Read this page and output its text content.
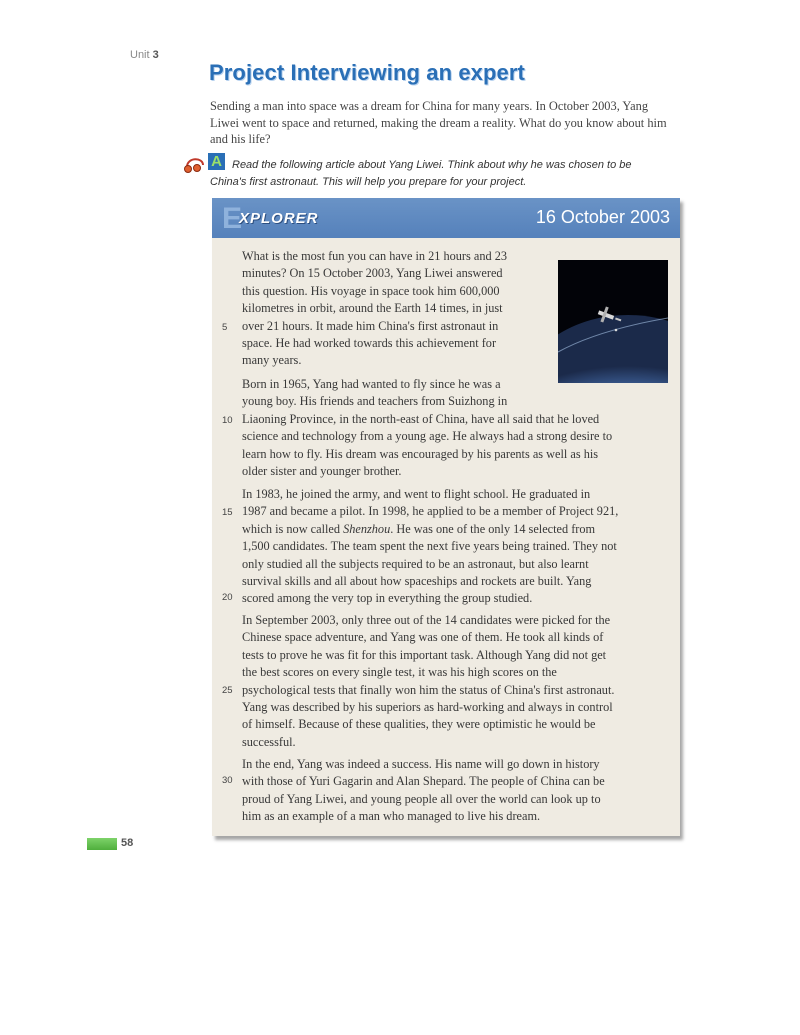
Unit 3
Project Interviewing an expert
Sending a man into space was a dream for China for many years. In October 2003, Yang Liwei went to space and returned, making the dream a reality. What do you know about him and his life?
A Read the following article about Yang Liwei. Think about why he was chosen to be China's first astronaut. This will help you prepare for your project.
E
XPLORER	16 October 2003
What is the most fun you can have in 21 hours and 23
minutes? On 15 October 2003, Yang Liwei answered
this question. His voyage in space took him 600,000
kilometres in orbit, around the Earth 14 times, in just
over 21 hours. It made him China's first astronaut in
space. He had worked towards this achievement for
many years.
Born in 1965, Yang had wanted to fly since he was a
young boy. His friends and teachers from Suizhong in
Liaoning Province, in the north-east of China, have all said that he loved
science and technology from a young age. He always had a strong desire to
learn how to fly. His dream was encouraged by his parents as well as his
older sister and younger brother.
In 1983, he joined the army, and went to flight school. He graduated in
1987 and became a pilot. In 1998, he applied to be a member of Project 921,
which is now called Shenzhou. He was one of the only 14 selected from
1,500 candidates. The team spent the next five years being trained. They not
only studied all the subjects required to be an astronaut, but also learnt
survival skills and all about how spaceships and rockets are built. Yang
scored among the very top in everything the group studied.
In September 2003, only three out of the 14 candidates were picked for the
Chinese space adventure, and Yang was one of them. He took all kinds of
tests to prove he was fit for this important task. Although Yang did not get
the best scores on every single test, it was his high scores on the
psychological tests that finally won him the status of China's first astronaut.
Yang was described by his superiors as hard-working and always in control
of himself. Because of these qualities, they were optimistic he would be
successful.
In the end, Yang was indeed a success. His name will go down in history
with those of Yuri Gagarin and Alan Shepard. The people of China can be
proud of Yang Liwei, and young people all over the world can look up to
him as an example of a man who managed to live his dream.
5
10
15
20
25
30
58
